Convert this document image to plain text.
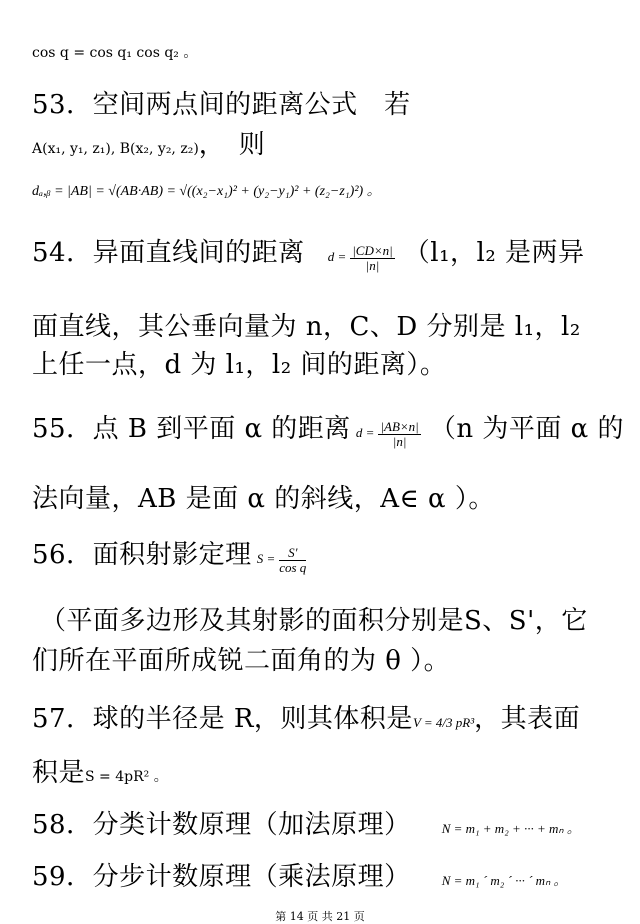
cos q = cos q₁ cos q₂ 。
53．空间两点间的距离公式　若
A(x₁, y₁, z₁), B(x₂, y₂, z₂)，　则
dₐ,ᵦ = |AB| = √(AB·AB) = √((x₂−x₁)² + (y₂−y₁)² + (z₂−z₁)²) 。
54．异面直线间的距离 $d = \frac{|CD\times n|}{|n|} (l_1$，l₂ 是两异
面直线，其公垂向量为 n，C、D 分别是 l₁，l₂
上任一点，d 为 l₁，l₂ 间的距离）。
55．点 B 到平面 α 的距离 $d = \frac{|AB\times n|}{|n|} (n$ 为平面 α 的
法向量，AB 是面 α 的斜线，A∈ α ）。
56．面积射影定理 $S = \frac{S'}{\text{cos q}}$
（平面多边形及其射影的面积分别是S、S'，它
们所在平面所成锐二面角的为 θ ）。
57．球的半径是 R，则其体积是V = 4/3 pR³，其表面
积是S = 4pR² 。
58．分类计数原理（加法原理） N = m₁ + m₂ + ··· + mₙ 。
59．分步计数原理（乘法原理） N = m₁ ´ m₂ ´ ··· ´ mₙ 。
第 14 页 共 21 页
